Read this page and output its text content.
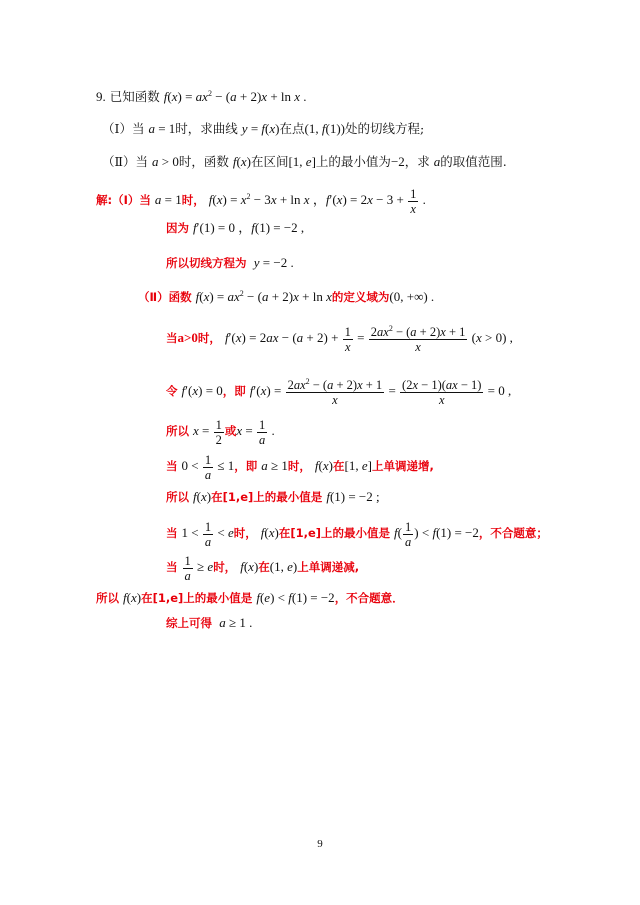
9. 已知函数 $f(x) = ax^2 - (a + 2)x + \ln x$ .
（Ⅰ）当 a = 1时，求曲线 y = f(x)在点(1, f(1))处的切线方程;
（Ⅱ）当 a > 0时，函数 f(x)在区间[1, e]上的最小值为−2，求 a的取值范围.
解:（Ⅰ）当 a = 1时， $f(x) = x^2 - 3x + \ln x$ ，$f'(x) = 2x - 3 + \frac{1}{x}$ .
因为 f′(1) = 0 ，f(1) = −2 ,
所以切线方程为 y = −2 .
（Ⅱ）函数 $f(x) = ax^2 - (a + 2)x + \ln x$的定义域为(0, +∞) .
当a>0时， $f'(x) = 2ax - (a + 2) + \frac{1}{x} = \frac{2ax^2 - (a + 2)x + 1}{x} (x > 0)$ ,
令 f′(x) = 0，即 $f'(x) = \frac{2ax^2 - (a + 2)x + 1}{x} = \frac{(2x - 1)(ax - 1)}{x} = 0$ ,
所以 $x = \frac{1}{2}$ 或$x = \frac{1}{a}$ .
当 $0 < \frac{1}{a} \le 1$，即 a ≥ 1时， f(x)在[1, e]上单调递增,
所以 f(x)在[1,e]上的最小值是 f(1) = −2 ;
当 $1 < \frac{1}{a} < e$时， f(x)在[1,e]上的最小值是 $f( \frac{1}{a}$ ) < f(1) = −2，不合题意；
当 $\frac{1}{a} \ge e$时， f(x)在(1, e)上单调递减,
所以 f(x)在[1,e]上的最小值是 f(e) < f(1) = −2，不合题意．
综上可得 a ≥ 1 .
9
